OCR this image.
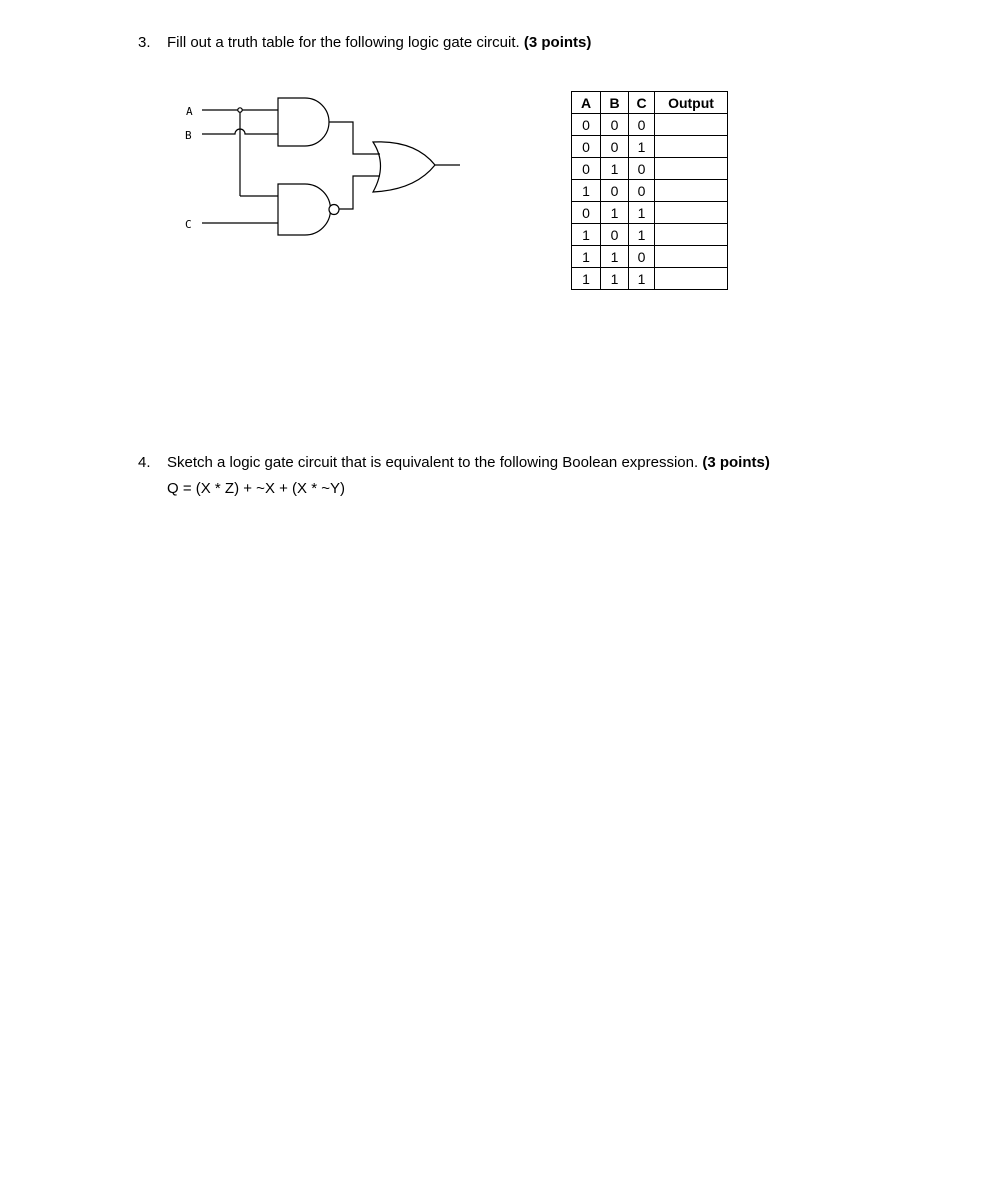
3. Fill out a truth table for the following logic gate circuit. (3 points)
A
B
C
A	B	C	Output
0	0	0	
0	0	1	
0	1	0	
1	0	0	
0	1	1	
1	0	1	
1	1	0	
1	1	1	
4. Sketch a logic gate circuit that is equivalent to the following Boolean expression. (3 points)
Q = (X * Z) + ~X + (X * ~Y)
